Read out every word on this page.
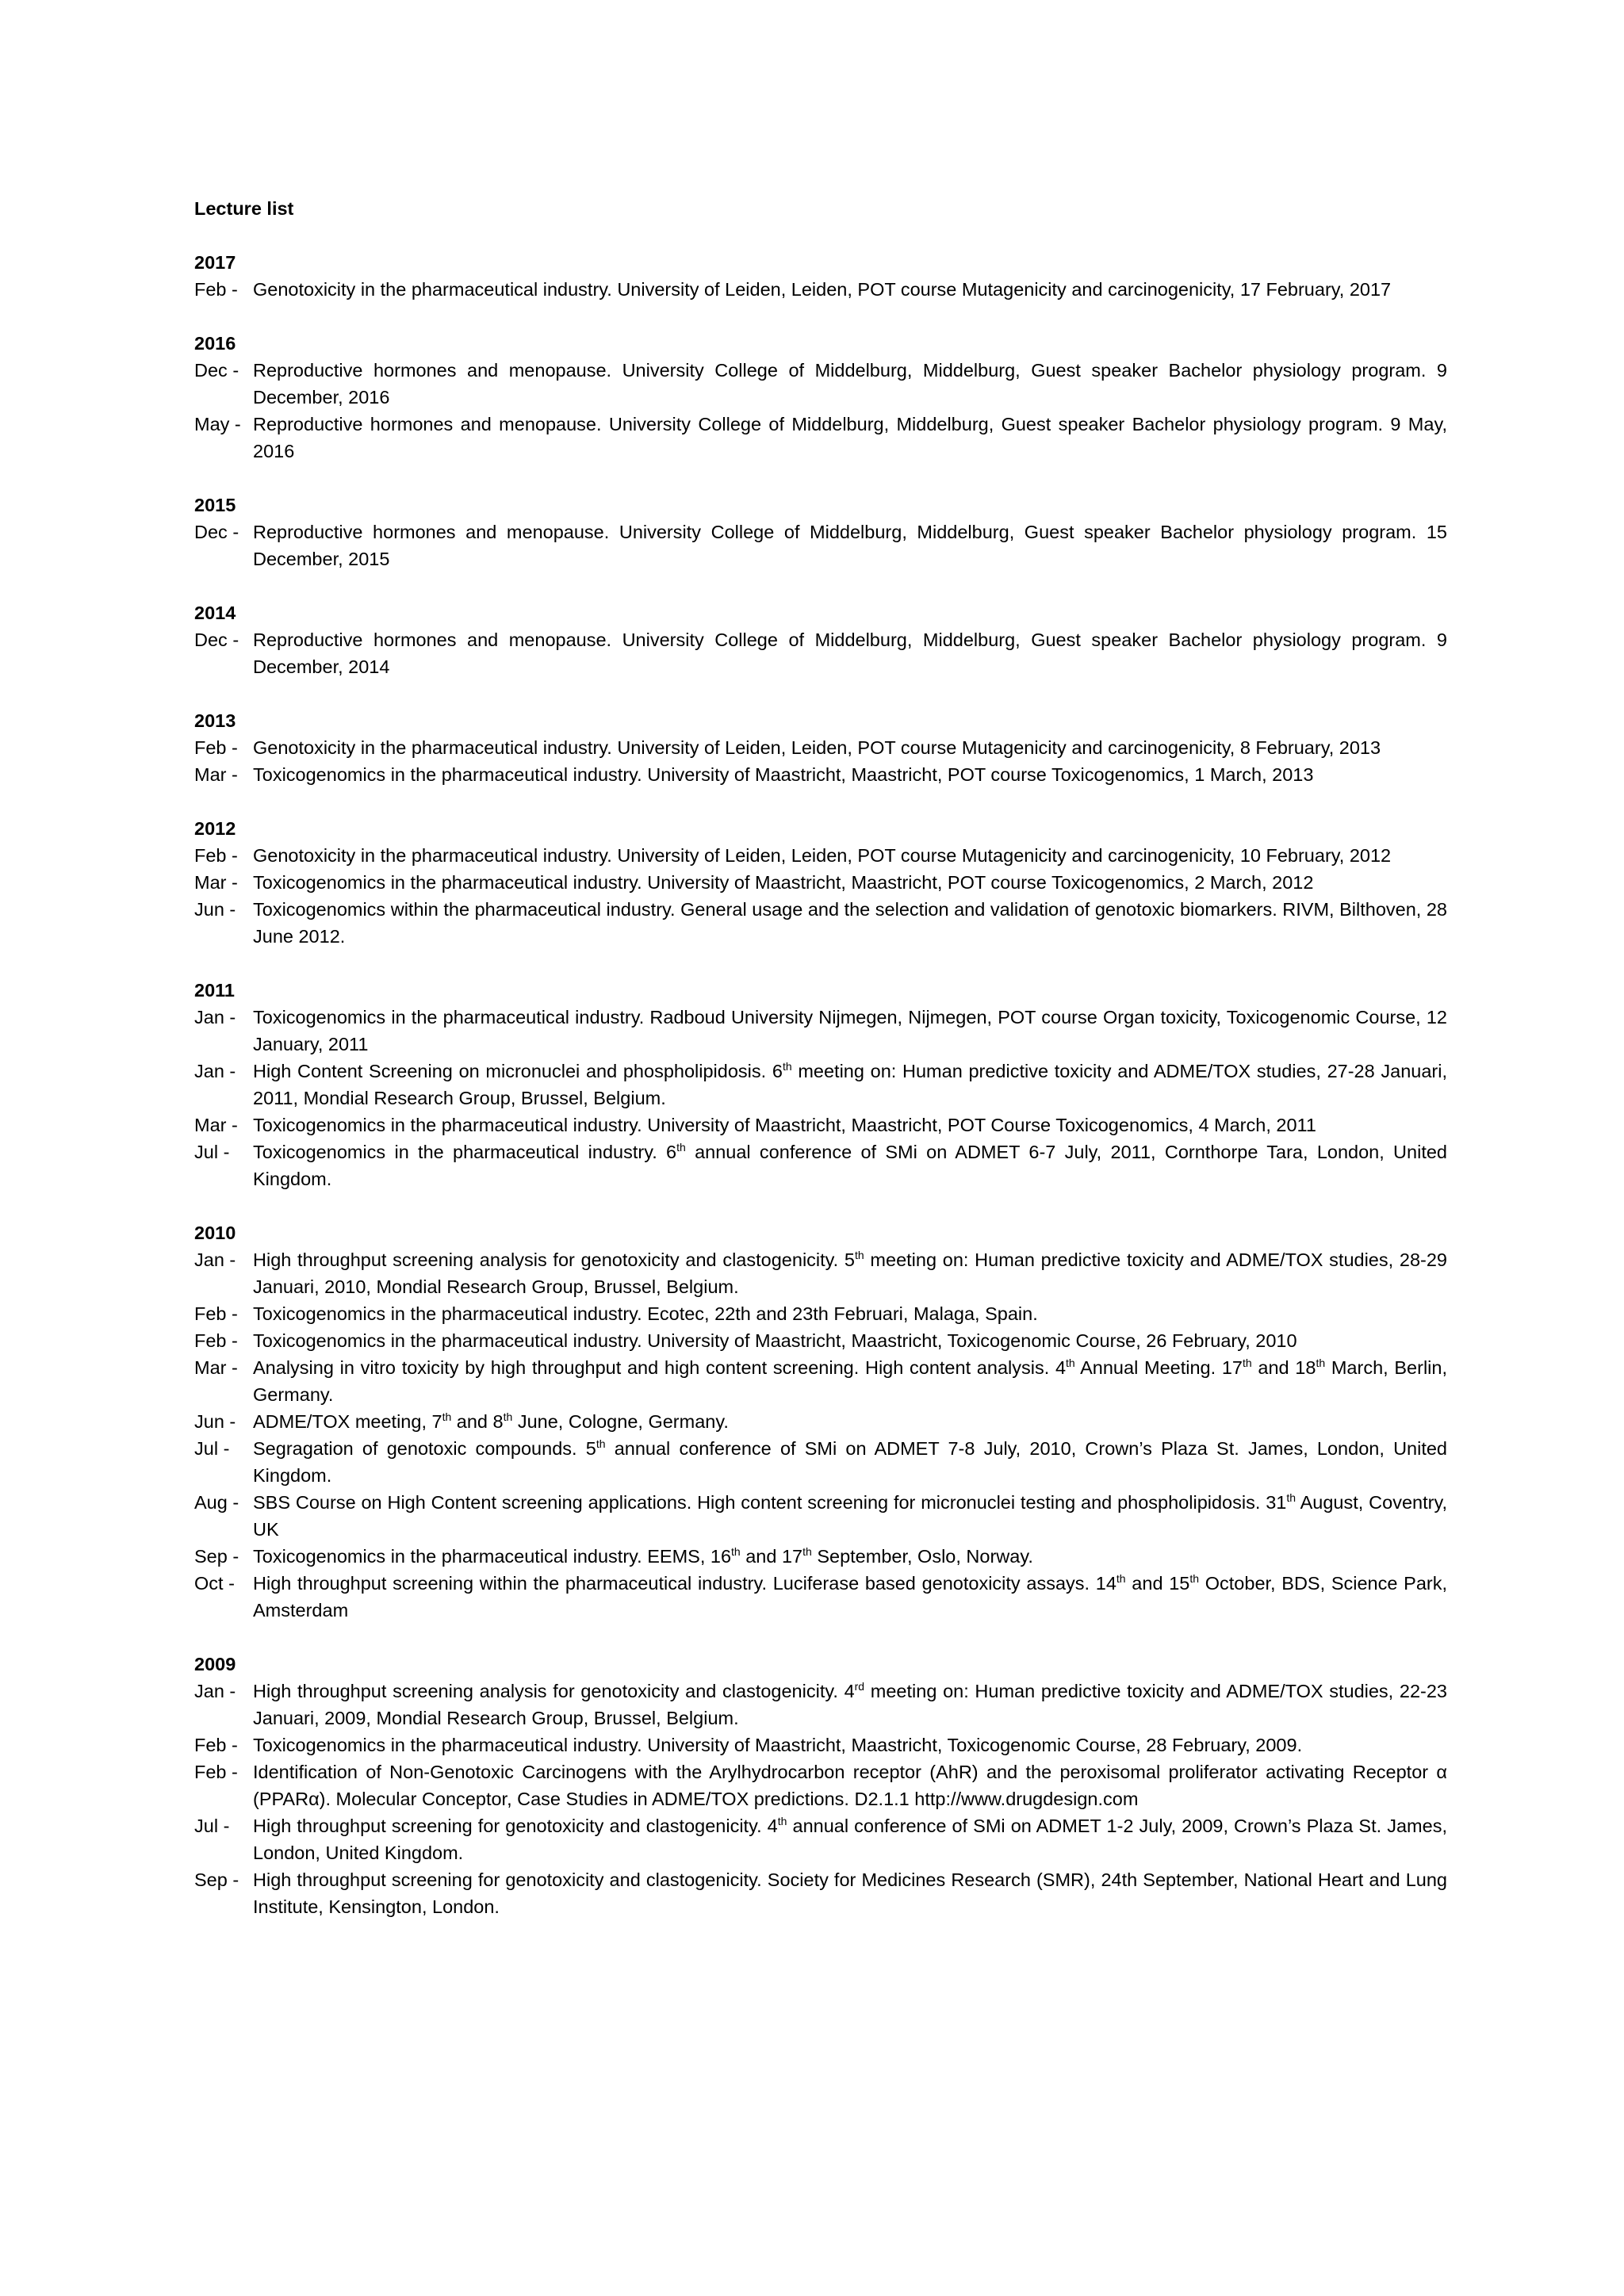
Lecture list
2017
Feb - Genotoxicity in the pharmaceutical industry. University of Leiden, Leiden, POT course Mutagenicity and carcinogenicity, 17 February, 2017
2016
Dec - Reproductive hormones and menopause. University College of Middelburg, Middelburg, Guest speaker Bachelor physiology program. 9 December, 2016
May - Reproductive hormones and menopause. University College of Middelburg, Middelburg, Guest speaker Bachelor physiology program. 9 May, 2016
2015
Dec - Reproductive hormones and menopause. University College of Middelburg, Middelburg, Guest speaker Bachelor physiology program. 15 December, 2015
2014
Dec - Reproductive hormones and menopause. University College of Middelburg, Middelburg, Guest speaker Bachelor physiology program. 9 December, 2014
2013
Feb - Genotoxicity in the pharmaceutical industry. University of Leiden, Leiden, POT course Mutagenicity and carcinogenicity, 8 February, 2013
Mar - Toxicogenomics in the pharmaceutical industry. University of Maastricht, Maastricht, POT course Toxicogenomics, 1 March, 2013
2012
Feb - Genotoxicity in the pharmaceutical industry. University of Leiden, Leiden, POT course Mutagenicity and carcinogenicity, 10 February, 2012
Mar - Toxicogenomics in the pharmaceutical industry. University of Maastricht, Maastricht, POT course Toxicogenomics, 2 March, 2012
Jun - Toxicogenomics within the pharmaceutical industry. General usage and the selection and validation of genotoxic biomarkers. RIVM, Bilthoven, 28 June 2012.
2011
Jan - Toxicogenomics in the pharmaceutical industry. Radboud University Nijmegen, Nijmegen, POT course Organ toxicity, Toxicogenomic Course, 12 January, 2011
Jan - High Content Screening on micronuclei and phospholipidosis. 6th meeting on: Human predictive toxicity and ADME/TOX studies, 27-28 Januari, 2011, Mondial Research Group, Brussel, Belgium.
Mar - Toxicogenomics in the pharmaceutical industry. University of Maastricht, Maastricht, POT Course Toxicogenomics, 4 March, 2011
Jul - Toxicogenomics in the pharmaceutical industry. 6th annual conference of SMi on ADMET 6-7 July, 2011, Cornthorpe Tara, London, United Kingdom.
2010
Jan - High throughput screening analysis for genotoxicity and clastogenicity. 5th meeting on: Human predictive toxicity and ADME/TOX studies, 28-29 Januari, 2010, Mondial Research Group, Brussel, Belgium.
Feb - Toxicogenomics in the pharmaceutical industry. Ecotec, 22th and 23th Februari, Malaga, Spain.
Feb - Toxicogenomics in the pharmaceutical industry. University of Maastricht, Maastricht, Toxicogenomic Course, 26 February, 2010
Mar - Analysing in vitro toxicity by high throughput and high content screening. High content analysis. 4th Annual Meeting. 17th and 18th March, Berlin, Germany.
Jun - ADME/TOX meeting, 7th and 8th June, Cologne, Germany.
Jul - Segragation of genotoxic compounds. 5th annual conference of SMi on ADMET 7-8 July, 2010, Crown’s Plaza St. James, London, United Kingdom.
Aug - SBS Course on High Content screening applications. High content screening for micronuclei testing and phospholipidosis. 31th August, Coventry, UK
Sep - Toxicogenomics in the pharmaceutical industry. EEMS, 16th and 17th September, Oslo, Norway.
Oct - High throughput screening within the pharmaceutical industry. Luciferase based genotoxicity assays. 14th and 15th October, BDS, Science Park, Amsterdam
2009
Jan - High throughput screening analysis for genotoxicity and clastogenicity. 4rd meeting on: Human predictive toxicity and ADME/TOX studies, 22-23 Januari, 2009, Mondial Research Group, Brussel, Belgium.
Feb - Toxicogenomics in the pharmaceutical industry. University of Maastricht, Maastricht, Toxicogenomic Course, 28 February, 2009.
Feb - Identification of Non-Genotoxic Carcinogens with the Arylhydrocarbon receptor (AhR) and the peroxisomal proliferator activating Receptor α (PPARα). Molecular Conceptor, Case Studies in ADME/TOX predictions. D2.1.1 http://www.drugdesign.com
Jul - High throughput screening for genotoxicity and clastogenicity. 4th annual conference of SMi on ADMET 1-2 July, 2009, Crown’s Plaza St. James, London, United Kingdom.
Sep - High throughput screening for genotoxicity and clastogenicity. Society for Medicines Research (SMR), 24th September, National Heart and Lung Institute, Kensington, London.
